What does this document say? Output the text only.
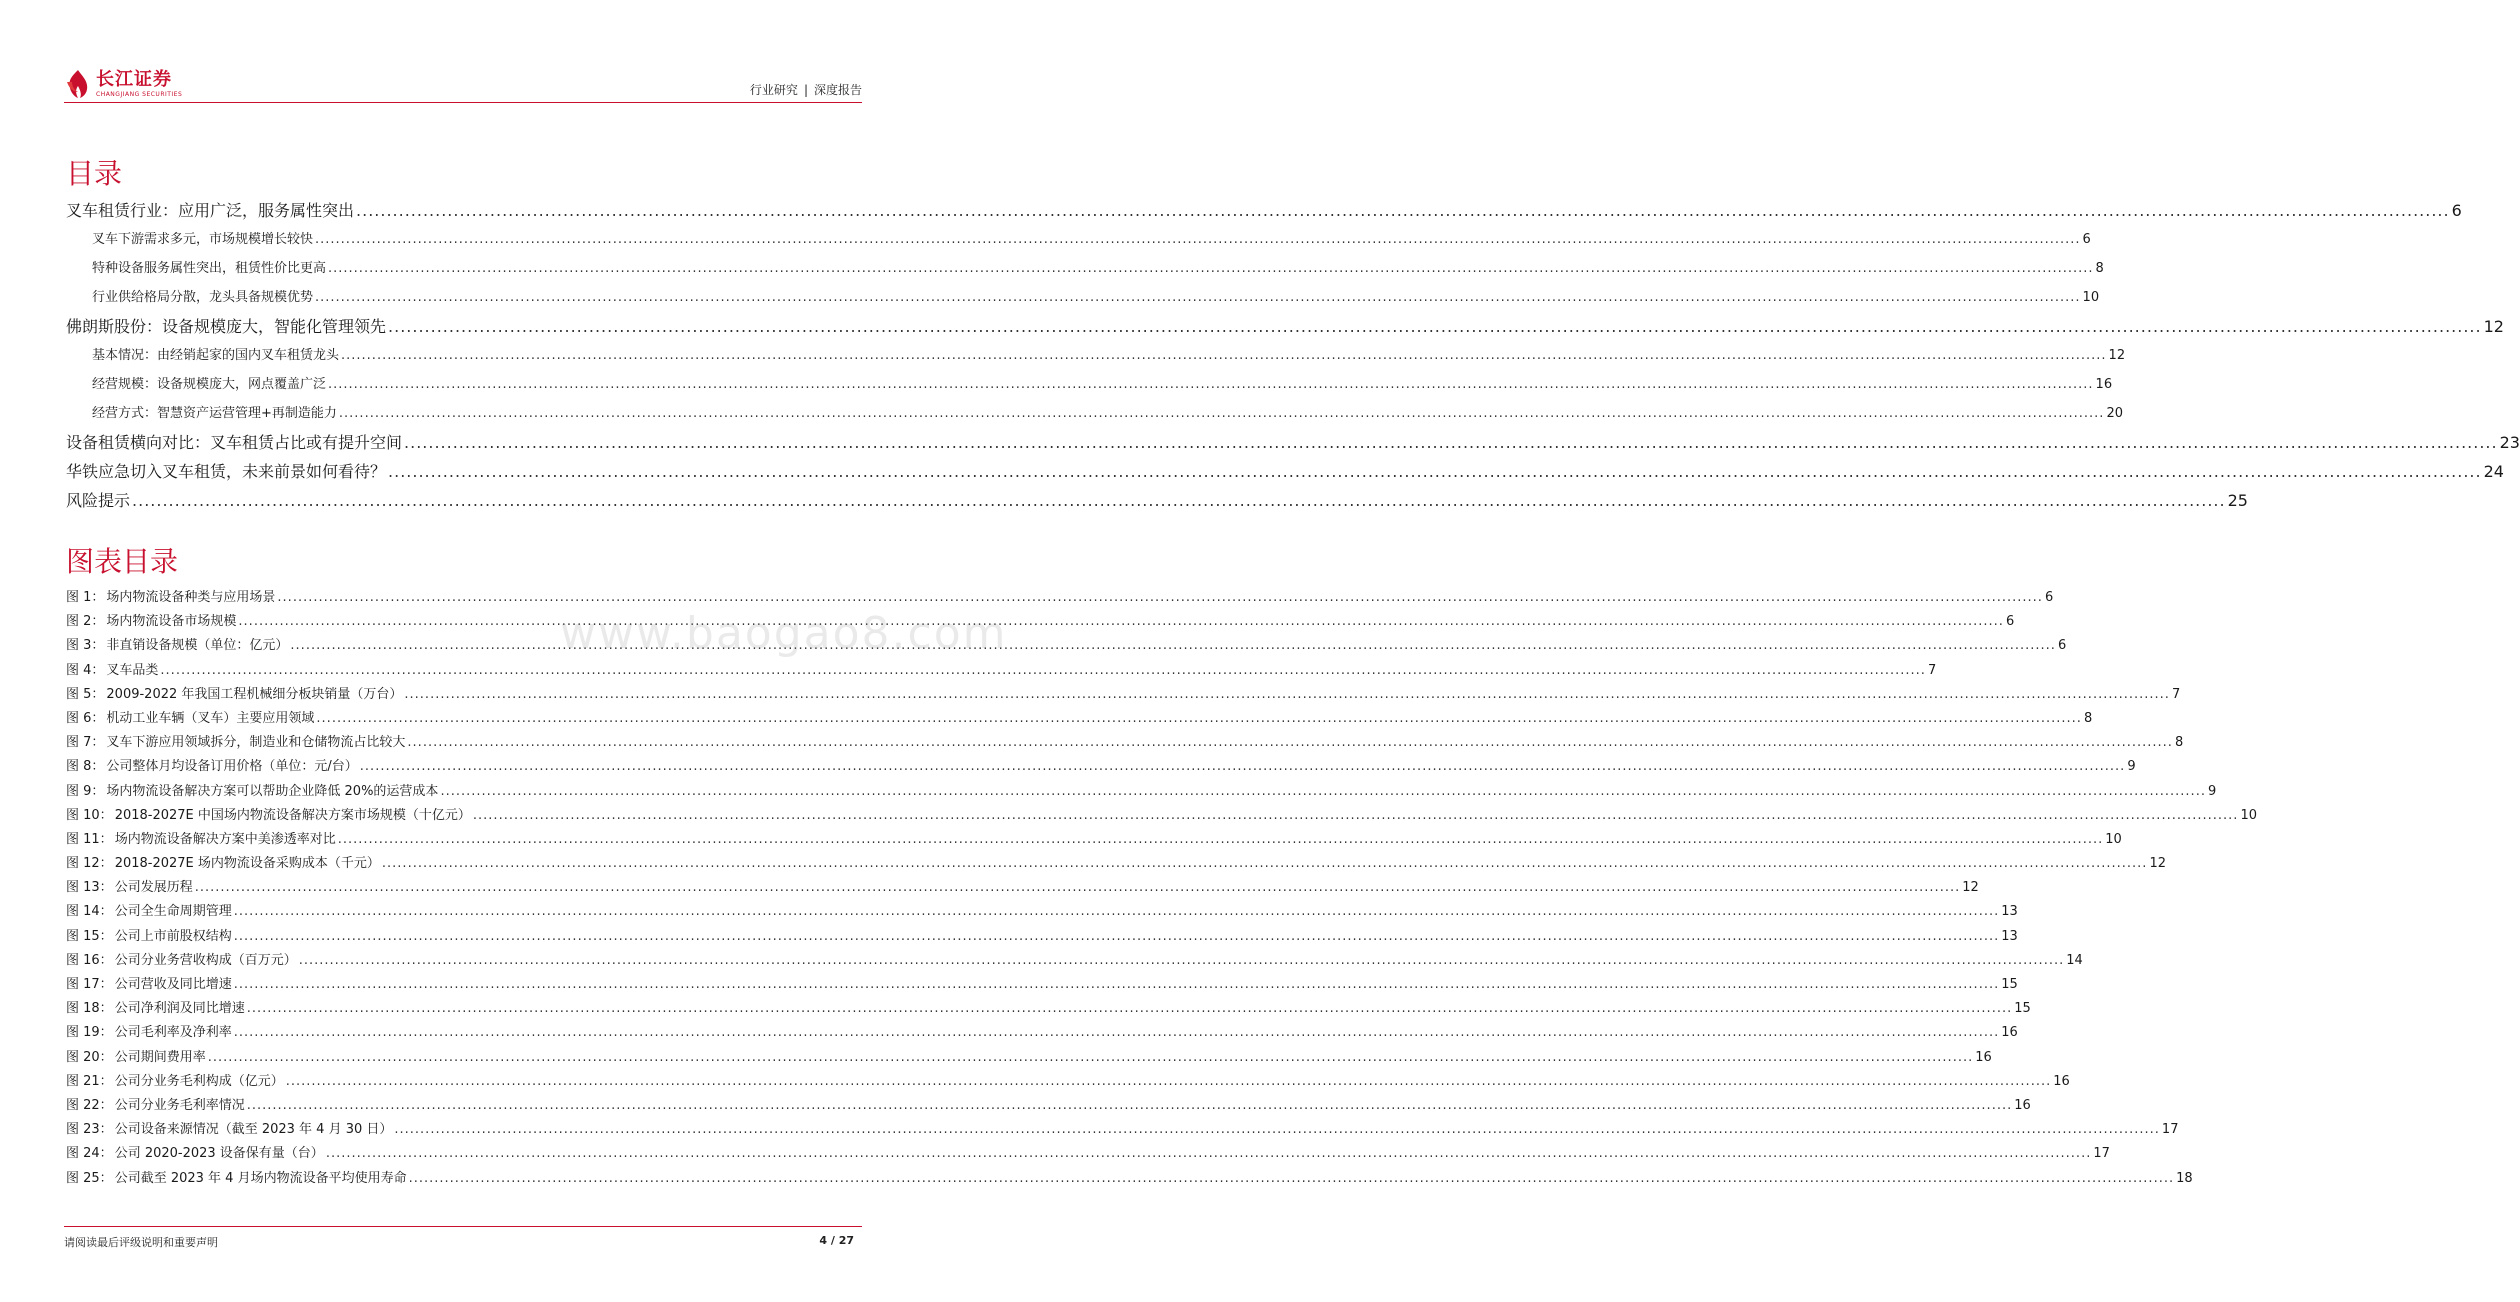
长江证券
CHANGJIANG SECURITIES	行业研究 | 深度报告
目录
叉车租赁行业：应用广泛，服务属性突出 .....	6
叉车下游需求多元，市场规模增长较快 .....	6
特种设备服务属性突出，租赁性价比更高 .....	8
行业供给格局分散，龙头具备规模优势 .....	10
佛朗斯股份：设备规模庞大，智能化管理领先 .....	12
基本情况：由经销起家的国内叉车租赁龙头 .....	12
经营规模：设备规模庞大，网点覆盖广泛 .....	16
经营方式：智慧资产运营管理+再制造能力 .....	20
设备租赁横向对比：叉车租赁占比或有提升空间 .....	23
华铁应急切入叉车租赁，未来前景如何看待？ .....	24
风险提示 .....	25
图表目录
图 1： 场内物流设备种类与应用场景 .....	6
图 2： 场内物流设备市场规模 .....	6
图 3： 非直销设备规模（单位：亿元） .....	6
图 4： 叉车品类 .....	7
图 5： 2009-2022 年我国工程机械细分板块销量（万台） .....	7
图 6： 机动工业车辆（叉车）主要应用领域 .....	8
图 7： 叉车下游应用领域拆分，制造业和仓储物流占比较大 .....	8
图 8： 公司整体月均设备订用价格（单位：元/台） .....	9
图 9： 场内物流设备解决方案可以帮助企业降低 20%的运营成本 .....	9
图 10： 2018-2027E 中国场内物流设备解决方案市场规模（十亿元） .....	10
图 11： 场内物流设备解决方案中美渗透率对比 .....	10
图 12： 2018-2027E 场内物流设备采购成本（千元） .....	12
图 13： 公司发展历程 .....	12
图 14： 公司全生命周期管理 .....	13
图 15： 公司上市前股权结构 .....	13
图 16： 公司分业务营收构成（百万元） .....	14
图 17： 公司营收及同比增速 .....	15
图 18： 公司净利润及同比增速 .....	15
图 19： 公司毛利率及净利率 .....	16
图 20： 公司期间费用率 .....	16
图 21： 公司分业务毛利构成（亿元） .....	16
图 22： 公司分业务毛利率情况 .....	16
图 23： 公司设备来源情况（截至 2023 年 4 月 30 日） .....	17
图 24： 公司 2020-2023 设备保有量（台） .....	17
图 25： 公司截至 2023 年 4 月场内物流设备平均使用寿命 .....	18
www.baogao8.com
请阅读最后评级说明和重要声明	4 / 27
